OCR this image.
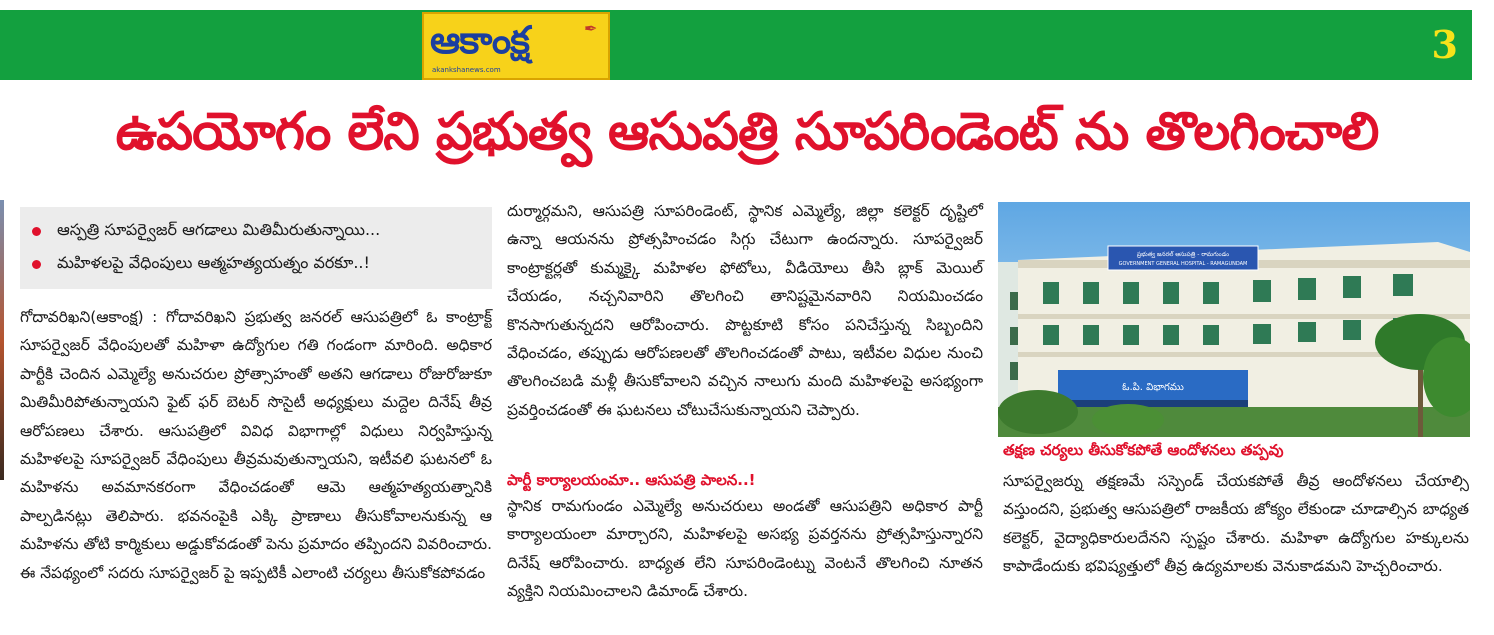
ఆకాంక్ష	✒
akankshanews.com
3
ఉపయోగం లేని ప్రభుత్వ ఆసుపత్రి సూపరిండెంట్ ను తొలగించాలి
ఆస్పత్రి సూపర్వైజర్ ఆగడాలు మితిమీరుతున్నాయి...
మహిళలపై వేధింపులు ఆత్మహత్యయత్నం వరకూ..!

గోదావరిఖని(ఆకాంక్ష) : గోదావరిఖని ప్రభుత్వ జనరల్ ఆసుపత్రిలో ఓ కాంట్రాక్ట్ సూపర్వైజర్ వేధింపులతో మహిళా ఉద్యోగుల గతి గండంగా మారింది. అధికార పార్టీకి చెందిన ఎమ్మెల్యే అనుచరుల ప్రోత్సాహంతో అతని ఆగడాలు రోజురోజుకూ మితిమీరిపోతున్నాయని ఫైట్ ఫర్ బెటర్ సొసైటీ అధ్యక్షులు మద్దెల దినేష్ తీవ్ర ఆరోపణలు చేశారు. ఆసుపత్రిలో వివిధ విభాగాల్లో విధులు నిర్వహిస్తున్న మహిళలపై సూపర్వైజర్ వేధింపులు తీవ్రమవుతున్నాయని, ఇటీవలి ఘటనలో ఓ మహిళను అవమానకరంగా వేధించడంతో ఆమె ఆత్మహత్యయత్నానికి పాల్పడినట్లు తెలిపారు. భవనంపైకి ఎక్కి ప్రాణాలు తీసుకోవాలనుకున్న ఆ మహిళను తోటి కార్మికులు అడ్డుకోవడంతో పెను ప్రమాదం తప్పిందని వివరించారు. ఈ నేపథ్యంలో సదరు సూపర్వైజర్ పై ఇప్పటికీ ఎలాంటి చర్యలు తీసుకోకపోవడం

దుర్మార్గమని, ఆసుపత్రి సూపరిండెంట్, స్థానిక ఎమ్మెల్యే, జిల్లా కలెక్టర్ దృష్టిలో ఉన్నా ఆయనను ప్రోత్సహించడం సిగ్గు చేటుగా ఉందన్నారు. సూపర్వైజర్ కాంట్రాక్టర్లతో కుమ్మక్కై మహిళల ఫోటోలు, వీడియోలు తీసి బ్లాక్ మెయిల్ చేయడం, నచ్చనివారిని తొలగించి తానిష్టమైనవారిని నియమించడం కొనసాగుతున్నదని ఆరోపించారు. పొట్టకూటి కోసం పనిచేస్తున్న సిబ్బందిని వేధించడం, తప్పుడు ఆరోపణలతో తొలగించడంతో పాటు, ఇటీవల విధుల నుంచి తొలగించబడి మళ్లీ తీసుకోవాలని వచ్చిన నాలుగు మంది మహిళలపై అసభ్యంగా ప్రవర్తించడంతో ఈ ఘటనలు చోటుచేసుకున్నాయని చెప్పారు.

పార్టీ కార్యాలయంమా.. ఆసుపత్రి పాలన..!

స్థానిక రామగుండం ఎమ్మెల్యే అనుచరులు అండతో ఆసుపత్రిని అధికార పార్టీ కార్యాలయంలా మార్చారని, మహిళలపై అసభ్య ప్రవర్తనను ప్రోత్సహిస్తున్నారని దినేష్ ఆరోపించారు. బాధ్యత లేని సూపరిండెంట్ను వెంటనే తొలగించి నూతన వ్యక్తిని నియమించాలని డిమాండ్ చేశారు.

ప్రభుత్వ జనరల్ ఆసుపత్రి - రామగుండం
GOVERNMENT GENERAL HOSPITAL - RAMAGUNDAM
ఓ.పి. విభాగము
తక్షణ చర్యలు తీసుకోకపోతే ఆందోళనలు తప్పవు

సూపర్వైజర్ను తక్షణమే సస్పెండ్ చేయకపోతే తీవ్ర ఆందోళనలు చేయాల్సి వస్తుందని, ప్రభుత్వ ఆసుపత్రిలో రాజకీయ జోక్యం లేకుండా చూడాల్సిన బాధ్యత కలెక్టర్, వైద్యాధికారులదేనని స్పష్టం చేశారు. మహిళా ఉద్యోగుల హక్కులను కాపాడేందుకు భవిష్యత్తులో తీవ్ర ఉద్యమాలకు వెనుకాడమని హెచ్చరించారు.
